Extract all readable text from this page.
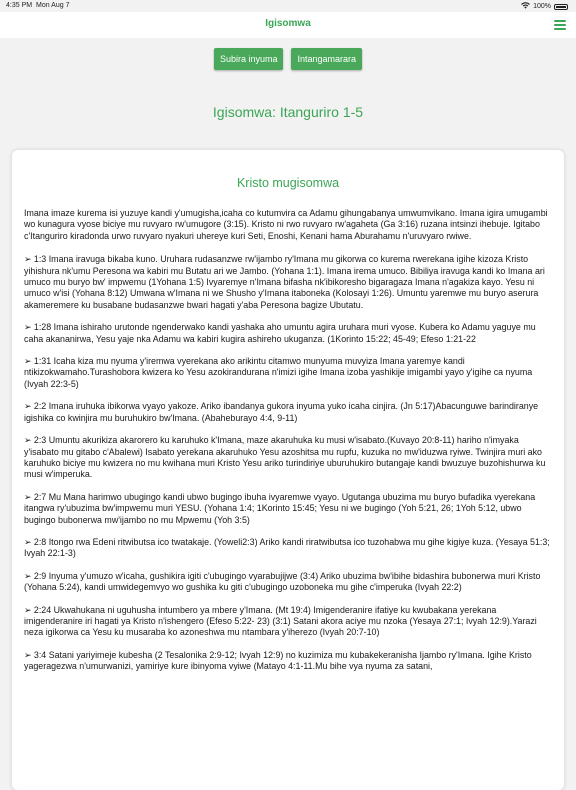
4:35 PM Mon Aug 7	100%
Igisomwa
Subira inyuma	Intangamarara
Igisomwa: Itanguriro 1-5
Kristo mugisomwa

Imana imaze kurema isi yuzuye kandi y'umugisha,icaha co kutumvira ca Adamu gihungabanya umwumvikano. Imana igira umugambi wo kunagura vyose biciye mu ruvyaro rw'umugore (3:15). Kristo ni rwo ruvyaro rw'agaheta (Ga 3:16) ruzana intsinzi ihebuje. Igitabo c'Itanguriro kiradonda urwo ruvyaro nyakuri uhereye kuri Seti, Enoshi, Kenani hama Aburahamu n'uruvyaro rwiwe.

➢ 1:3 Imana iravuga bikaba kuno. Uruhara rudasanzwe rw'ijambo ry'Imana mu gikorwa co kurema rwerekana igihe kizoza Kristo yihishura nk'umu Peresona wa kabiri mu Butatu ari we Jambo. (Yohana 1:1). Imana irema umuco. Bibiliya iravuga kandi ko Imana ari umuco mu buryo bw' impwemu (1Yohana 1:5) Ivyaremye n'Imana bifasha nk'ibikoresho bigaragaza Imana n'agakiza kayo. Yesu ni umuco w'isi (Yohana 8:12) Umwana w'Imana ni we Shusho y'Imana itaboneka (Kolosayi 1:26). Umuntu yaremwe mu buryo aserura akameremere ku busabane budasanzwe bwari hagati y'aba Peresona bagize Ubutatu.

➢ 1:28 Imana ishiraho urutonde ngenderwako kandi yashaka aho umuntu agira uruhara muri vyose. Kubera ko Adamu yaguye mu caha akananirwa, Yesu yaje nka Adamu wa kabiri kugira ashireho ukuganza. (1Korinto 15:22; 45-49; Efeso 1:21-22

➢ 1:31 Icaha kiza mu nyuma y'iremwa vyerekana ako arikintu citamwo munyuma muvyiza Imana yaremye kandi ntikizokwamaho.Turashobora kwizera ko Yesu azokirandurana n'imizi igihe Imana izoba yashikije imigambi yayo y'igihe ca nyuma (Ivyah 22:3-5)

➢ 2:2 Imana iruhuka ibikorwa vyayo yakoze. Ariko ibandanya gukora inyuma yuko icaha cinjira. (Jn 5:17)Abacunguwe barindiranye igishika co kwinjira mu buruhukiro bw'Imana. (Abaheburayo 4:4, 9-11)

➢ 2:3 Umuntu akurikiza akarorero ku karuhuko k'Imana, maze akaruhuka ku musi w'isabato.(Kuvayo 20:8-11) hariho n'imyaka y'isabato mu gitabo c'Abalewi) Isabato yerekana akaruhuko Yesu azoshitsa mu rupfu, kuzuka no mw'iduzwa ryiwe. Twinjira muri ako karuhuko biciye mu kwizera no mu kwihana muri Kristo Yesu ariko turindiriye uburuhukiro butangaje kandi bwuzuye buzohishurwa ku musi w'imperuka.

➢ 2:7 Mu Mana harimwo ubugingo kandi ubwo bugingo ibuha ivyaremwe vyayo. Ugutanga ubuzima mu buryo bufadika vyerekana itangwa ry'ubuzima bw'impwemu muri YESU. (Yohana 1:4; 1Korinto 15:45; Yesu ni we bugingo (Yoh 5:21, 26; 1Yoh 5:12, ubwo bugingo bubonerwa mw'ijambo no mu Mpwemu (Yoh 3:5)

➢ 2:8 Itongo rwa Edeni ritwibutsa ico twatakaje. (Yoweli2:3) Ariko kandi riratwibutsa ico tuzohabwa mu gihe kigiye kuza. (Yesaya 51:3; Ivyah 22:1-3)

➢ 2:9 Inyuma y'umuzo w'icaha, gushikira igiti c'ubugingo vyarabujijwe (3:4) Ariko ubuzima bw'ibihe bidashira bubonerwa muri Kristo (Yohana 5:24), kandi umwidegemvyo wo gushika ku giti c'ubugingo uzoboneka mu gihe c'imperuka (Ivyah 22:2)

➢ 2:24 Ukwahukana ni uguhusha intumbero ya mbere y'Imana. (Mt 19:4) Imigenderanire ifatiye ku kwubakana yerekana imigenderanire iri hagati ya Kristo n'ishengero (Efeso 5:22- 23) (3:1) Satani akora aciye mu nzoka (Yesaya 27:1; Ivyah 12:9).Yarazi neza igikorwa ca Yesu ku musaraba ko azoneshwa mu ntambara y'iherezo (Ivyah 20:7-10)

➢ 3:4 Satani yariyimeje kubesha (2 Tesalonika 2:9-12; Ivyah 12:9) no kuzimiza mu kubakekeranisha Ijambo ry'Imana. Igihe Kristo yageragezwa n'umurwanizi, yamiriye kure ibinyoma vyiwe (Matayo 4:1-11.Mu bihe vya nyuma za satani,
